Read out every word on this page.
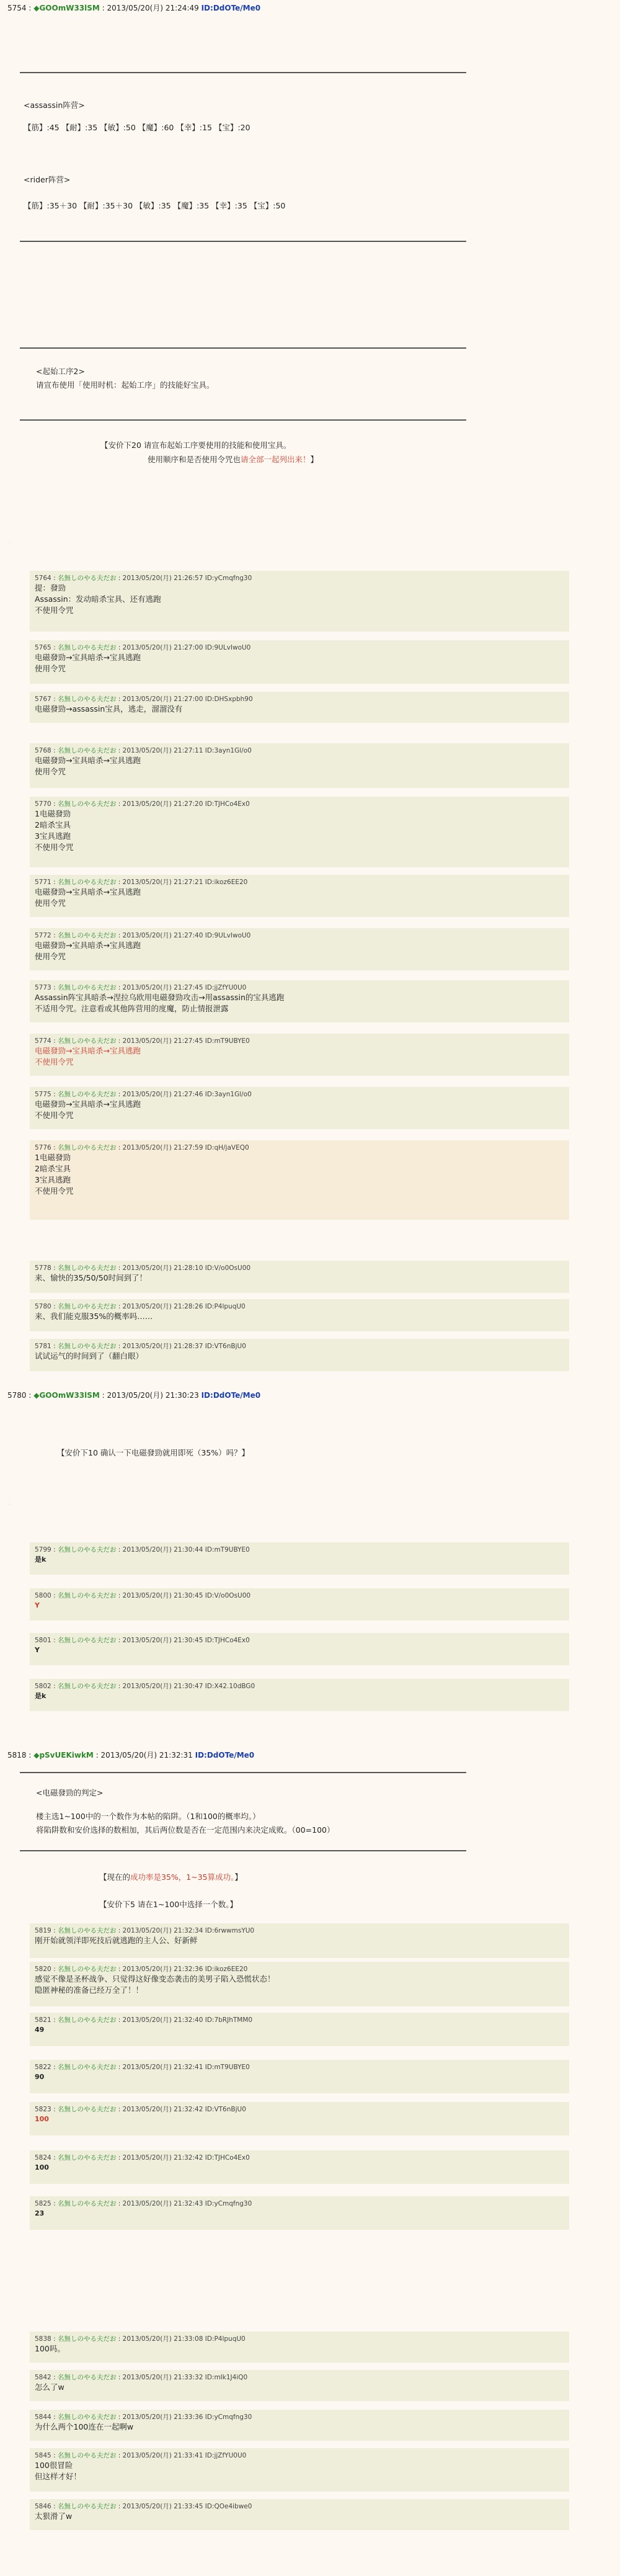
5754 : ◆GOOmW33lSM : 2013/05/20(月) 21:24:49 ID:DdOTe/Me0
<assassin阵营>
【筋】:45 【耐】:35 【敏】:50 【魔】:60 【幸】:15 【宝】:20
<rider阵营>
【筋】:35＋30 【耐】:35＋30 【敏】:35 【魔】:35 【幸】:35 【宝】:50
<起始工序2>
请宣布使用「使用时机：起始工序」的技能好宝具。
【安价下20 请宣布起始工序要使用的技能和使用宝具。
使用顺序和是否使用令咒也请全部一起列出来！】
·
5764 : 名無しのやる夫だお : 2013/05/20(月) 21:26:57 ID:yCmqfng30
提：發勁
Assassin：发动暗杀宝具、还有逃跑
不使用令咒
5765 : 名無しのやる夫だお : 2013/05/20(月) 21:27:00 ID:9ULvIwoU0
电磁發勁→宝具暗杀→宝具逃跑
使用令咒
5767 : 名無しのやる夫だお : 2013/05/20(月) 21:27:00 ID:DHSxpbh90
电磁發勁→assassin宝具，逃走，溜溜没有
5768 : 名無しのやる夫だお : 2013/05/20(月) 21:27:11 ID:3ayn1Gl/o0
电磁發勁→宝具暗杀→宝具逃跑
使用令咒
5770 : 名無しのやる夫だお : 2013/05/20(月) 21:27:20 ID:TJHCo4Ex0
1电磁發勁
2暗杀宝具
3宝具逃跑
不使用令咒
5771 : 名無しのやる夫だお : 2013/05/20(月) 21:27:21 ID:ikoz6EE20
电磁發勁→宝具暗杀→宝具逃跑
使用令咒
5772 : 名無しのやる夫だお : 2013/05/20(月) 21:27:40 ID:9ULvIwoU0
电磁發勁→宝具暗杀→宝具逃跑
使用令咒
5773 : 名無しのやる夫だお : 2013/05/20(月) 21:27:45 ID:jjZfYU0U0
Assassin阵宝具暗杀→涅拉乌欧用电磁發勁攻击→用assassin的宝具逃跑
不适用令咒。注意看或其他阵营用的度魔，防止情报泄露
5774 : 名無しのやる夫だお : 2013/05/20(月) 21:27:45 ID:mT9UBYE0
电磁發勁→宝具暗杀→宝具逃跑
不使用令咒
5775 : 名無しのやる夫だお : 2013/05/20(月) 21:27:46 ID:3ayn1Gl/o0
电磁發勁→宝具暗杀→宝具逃跑
不使用令咒
5776 : 名無しのやる夫だお : 2013/05/20(月) 21:27:59 ID:qH/jaVEQ0
1电磁發勁
2暗杀宝具
3宝具逃跑
不使用令咒
5778 : 名無しのやる夫だお : 2013/05/20(月) 21:28:10 ID:V/o0OsU00
来、愉快的35/50/50时间到了！
5780 : 名無しのやる夫だお : 2013/05/20(月) 21:28:26 ID:P4lpuqU0
来、我们能克服35%的概率吗……
5781 : 名無しのやる夫だお : 2013/05/20(月) 21:28:37 ID:VT6nBjU0
试试运气的时间到了（翻白眼）
5780 : ◆GOOmW33lSM : 2013/05/20(月) 21:30:23 ID:DdOTe/Me0
【安价下10 确认一下电磁發勁就用即死（35%）吗？】
·
5799 : 名無しのやる夫だお : 2013/05/20(月) 21:30:44 ID:mT9UBYE0
是k
5800 : 名無しのやる夫だお : 2013/05/20(月) 21:30:45 ID:V/o0OsU00
Y
5801 : 名無しのやる夫だお : 2013/05/20(月) 21:30:45 ID:TJHCo4Ex0
Y
5802 : 名無しのやる夫だお : 2013/05/20(月) 21:30:47 ID:X42.10dBG0
是k
5818 : ◆pSvUEKiwkM : 2013/05/20(月) 21:32:31 ID:DdOTe/Me0
<电磁發勁的判定>
楼主选1~100中的一个数作为本帖的陷阱。（1和100的概率均。）
将陷阱数和安价选择的数相加，其后两位数是否在一定范围内来决定成败。（00=100）
【现在的成功率是35%，1~35算成功。】
【安价下5 请在1~100中选择一个数。】
5819 : 名無しのやる夫だお : 2013/05/20(月) 21:32:34 ID:6rwwmsYU0
刚开始就领洋即死技后就逃跑的主人公、好新鲜
5820 : 名無しのやる夫だお : 2013/05/20(月) 21:32:36 ID:ikoz6EE20
感觉不像是圣杯战争、只觉得这好像变态袭击的美男子陷入恐慌状态！
隐匿神秘的准备已经万全了！！
5821 : 名無しのやる夫だお : 2013/05/20(月) 21:32:40 ID:7bRJhTMM0
49
5822 : 名無しのやる夫だお : 2013/05/20(月) 21:32:41 ID:mT9UBYE0
90
5823 : 名無しのやる夫だお : 2013/05/20(月) 21:32:42 ID:VT6nBjU0
100
5824 : 名無しのやる夫だお : 2013/05/20(月) 21:32:42 ID:TJHCo4Ex0
100
5825 : 名無しのやる夫だお : 2013/05/20(月) 21:32:43 ID:yCmqfng30
23
5838 : 名無しのやる夫だお : 2013/05/20(月) 21:33:08 ID:P4lpuqU0
100吗。
5842 : 名無しのやる夫だお : 2013/05/20(月) 21:33:32 ID:mIk1J4iQ0
怎么了w
5844 : 名無しのやる夫だお : 2013/05/20(月) 21:33:36 ID:yCmqfng30
为什么两个100连在一起啊w
5845 : 名無しのやる夫だお : 2013/05/20(月) 21:33:41 ID:jjZfYU0U0
100很冒险
但这样才好！
5846 : 名無しのやる夫だお : 2013/05/20(月) 21:33:45 ID:QOe4ibwe0
太狠滑了w
